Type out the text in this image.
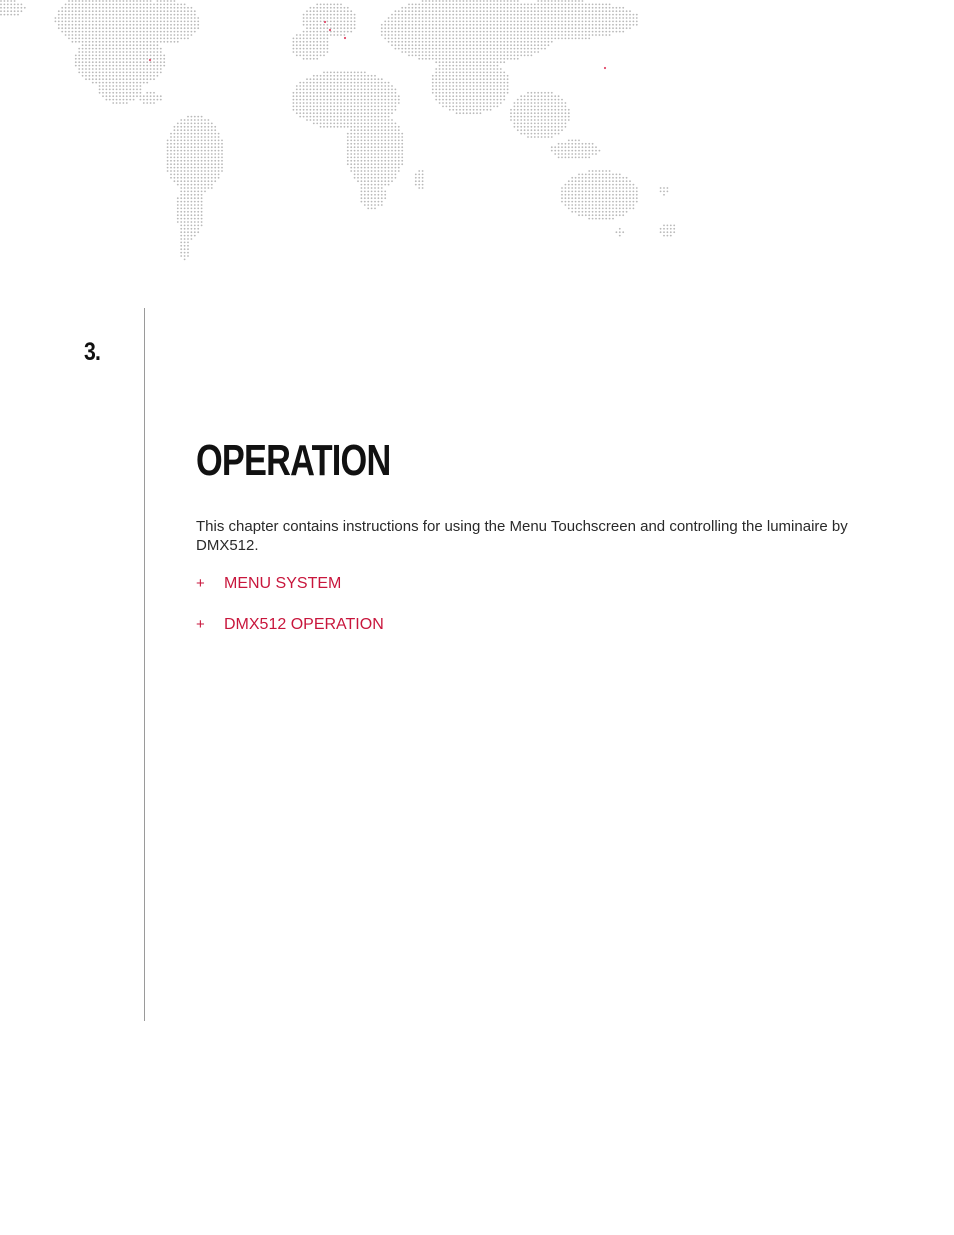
3.
OPERATION

This chapter contains instructions for using the Menu Touchscreen and controlling the luminaire by DMX512.

+ MENU SYSTEM
+ DMX512 OPERATION
